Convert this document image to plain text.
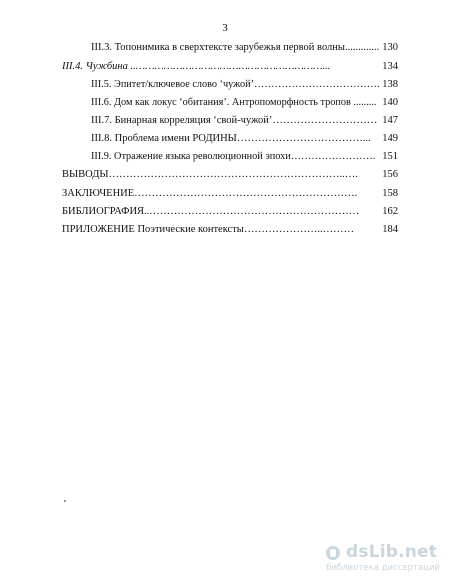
3
III.3. Топонимика в сверхтексте зарубежья первой волны............. 130
III.4. Чужбина ..……………………………………………………...	134
III.5. Эпитет/ключевое слово ‘чужой’………………………………. 138
III.6. Дом как локус ‘обитания’. Антропоморфность тропов ......... 140
III.7. Бинарная корреляция ‘свой-чужой’………………………… 147
III.8. Проблема имени РОДИНЫ………………………………... 149
III.9. Отражение языка революционной эпохи……………………. 151
ВЫВОДЫ…………………………………………………………..…. 156
ЗАКЛЮЧЕНИЕ………………………………………………………. 158
БИБЛИОГРАФИЯ..…………………………………………………… 162
ПРИЛОЖЕНИЕ Поэтические контексты…………………..………	184
dsLib.net
библиотека диссертаций
